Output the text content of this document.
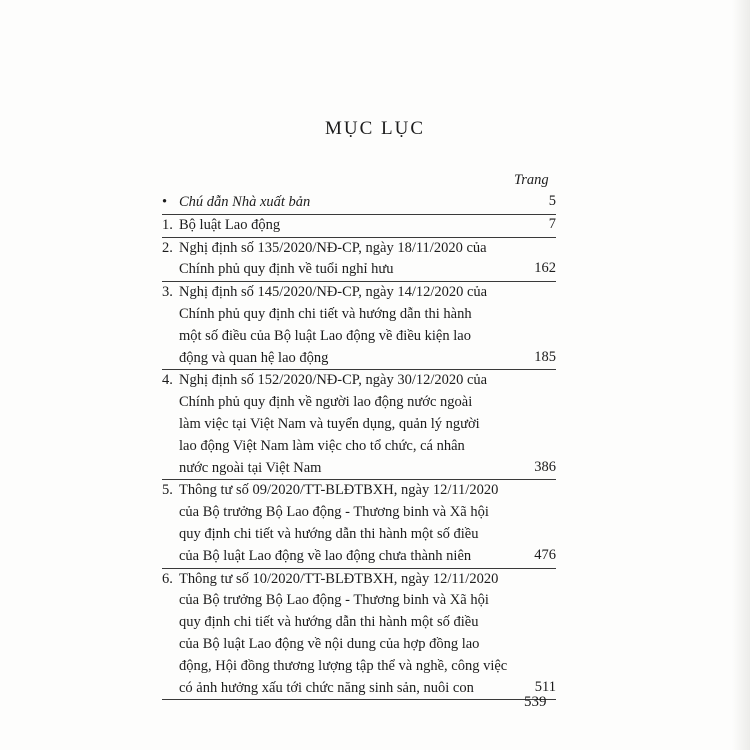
MỤC LỤC
Trang
• Chú dẫn Nhà xuất bản	5
1. Bộ luật Lao động	7
2. Nghị định số 135/2020/NĐ-CP, ngày 18/11/2020 của
Chính phủ quy định về tuổi nghỉ hưu	162
3. Nghị định số 145/2020/NĐ-CP, ngày 14/12/2020 của
Chính phủ quy định chi tiết và hướng dẫn thi hành
một số điều của Bộ luật Lao động về điều kiện lao
động và quan hệ lao động	185
4. Nghị định số 152/2020/NĐ-CP, ngày 30/12/2020 của
Chính phủ quy định về người lao động nước ngoài
làm việc tại Việt Nam và tuyển dụng, quản lý người
lao động Việt Nam làm việc cho tổ chức, cá nhân
nước ngoài tại Việt Nam	386
5. Thông tư số 09/2020/TT-BLĐTBXH, ngày 12/11/2020
của Bộ trưởng Bộ Lao động - Thương binh và Xã hội
quy định chi tiết và hướng dẫn thi hành một số điều
của Bộ luật Lao động về lao động chưa thành niên	476
6. Thông tư số 10/2020/TT-BLĐTBXH, ngày 12/11/2020
của Bộ trưởng Bộ Lao động - Thương binh và Xã hội
quy định chi tiết và hướng dẫn thi hành một số điều
của Bộ luật Lao động về nội dung của hợp đồng lao
động, Hội đồng thương lượng tập thể và nghề, công việc
có ảnh hưởng xấu tới chức năng sinh sản, nuôi con	511
539
